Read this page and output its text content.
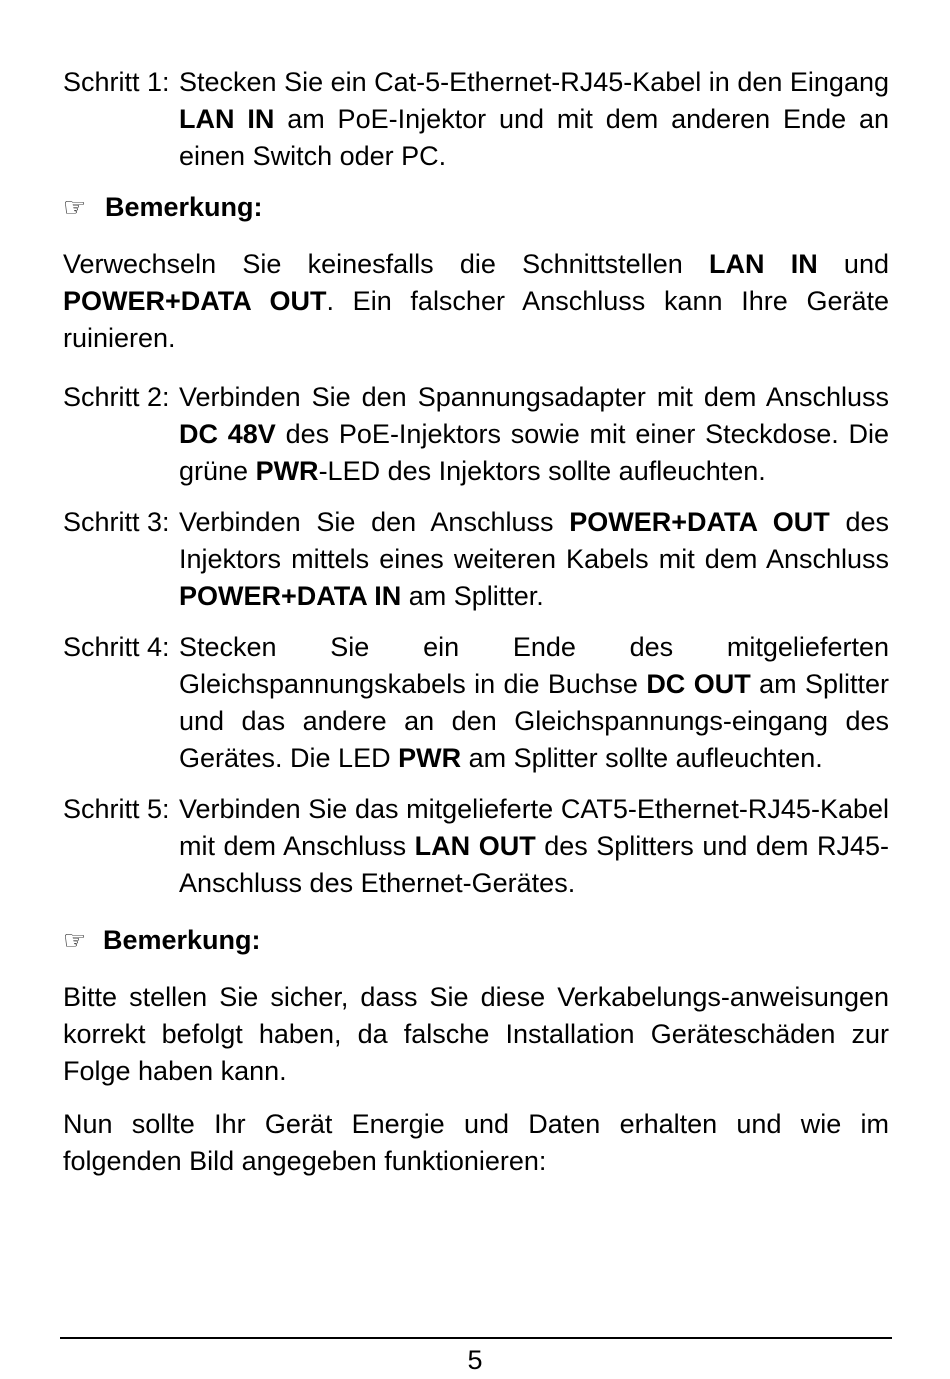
Schritt 1: Stecken Sie ein Cat-5-Ethernet-RJ45-Kabel in den Eingang LAN IN am PoE-Injektor und mit dem anderen Ende an einen Switch oder PC.
☞ Bemerkung:
Verwechseln Sie keinesfalls die Schnittstellen LAN IN und POWER+DATA OUT. Ein falscher Anschluss kann Ihre Geräte ruinieren.
Schritt 2: Verbinden Sie den Spannungsadapter mit dem Anschluss DC 48V des PoE-Injektors sowie mit einer Steckdose. Die grüne PWR-LED des Injektors sollte aufleuchten.
Schritt 3: Verbinden Sie den Anschluss POWER+DATA OUT des Injektors mittels eines weiteren Kabels mit dem Anschluss POWER+DATA IN am Splitter.
Schritt 4: Stecken Sie ein Ende des mitgelieferten Gleichspannungskabels in die Buchse DC OUT am Splitter und das andere an den Gleichspannungs-eingang des Gerätes. Die LED PWR am Splitter sollte aufleuchten.
Schritt 5: Verbinden Sie das mitgelieferte CAT5-Ethernet-RJ45-Kabel mit dem Anschluss LAN OUT des Splitters und dem RJ45-Anschluss des Ethernet-Gerätes.
☞ Bemerkung:
Bitte stellen Sie sicher, dass Sie diese Verkabelungs-anweisungen korrekt befolgt haben, da falsche Installation Geräteschäden zur Folge haben kann.
Nun sollte Ihr Gerät Energie und Daten erhalten und wie im folgenden Bild angegeben funktionieren:
5
